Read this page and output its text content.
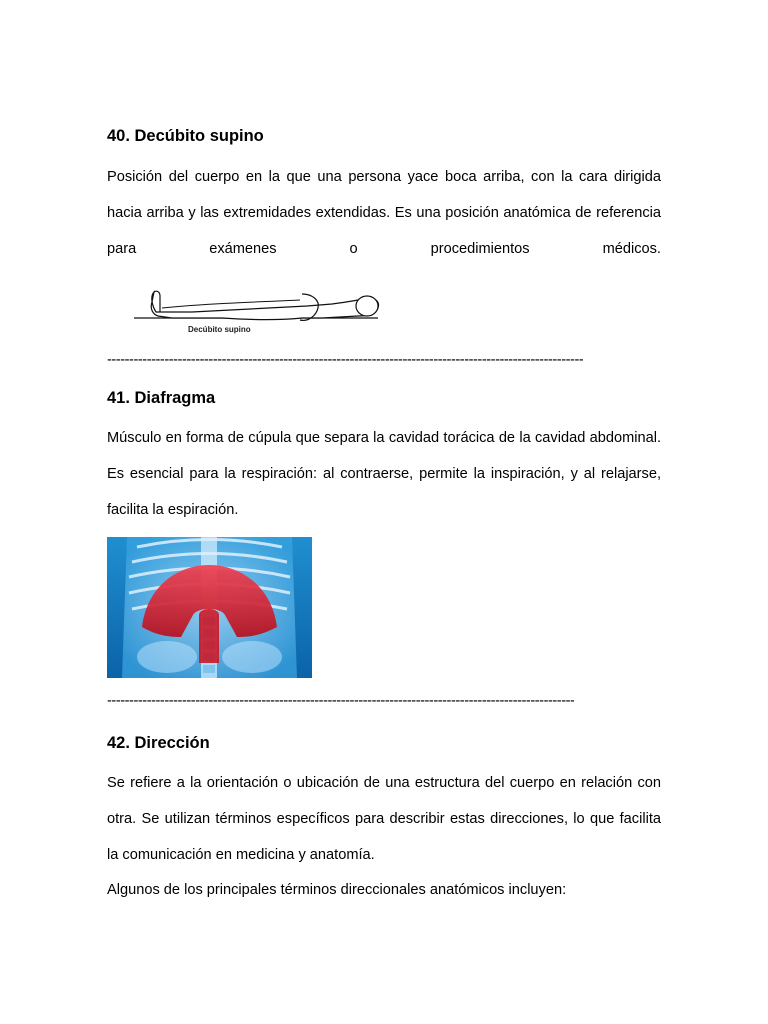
40. Decúbito supino

Posición del cuerpo en la que una persona yace boca arriba, con la cara dirigida hacia arriba y las extremidades extendidas. Es una posición anatómica de referencia para exámenes o procedimientos médicos.

Decúbito supino

------------------------------------------------------------------------------------------------------------

41. Diafragma

Músculo en forma de cúpula que separa la cavidad torácica de la cavidad abdominal. Es esencial para la respiración: al contraerse, permite la inspiración, y al relajarse, facilita la espiración.

----------------------------------------------------------------------------------------------------------

42. Dirección

Se refiere a la orientación o ubicación de una estructura del cuerpo en relación con otra. Se utilizan términos específicos para describir estas direcciones, lo que facilita la comunicación en medicina y anatomía.

Algunos de los principales términos direccionales anatómicos incluyen:
